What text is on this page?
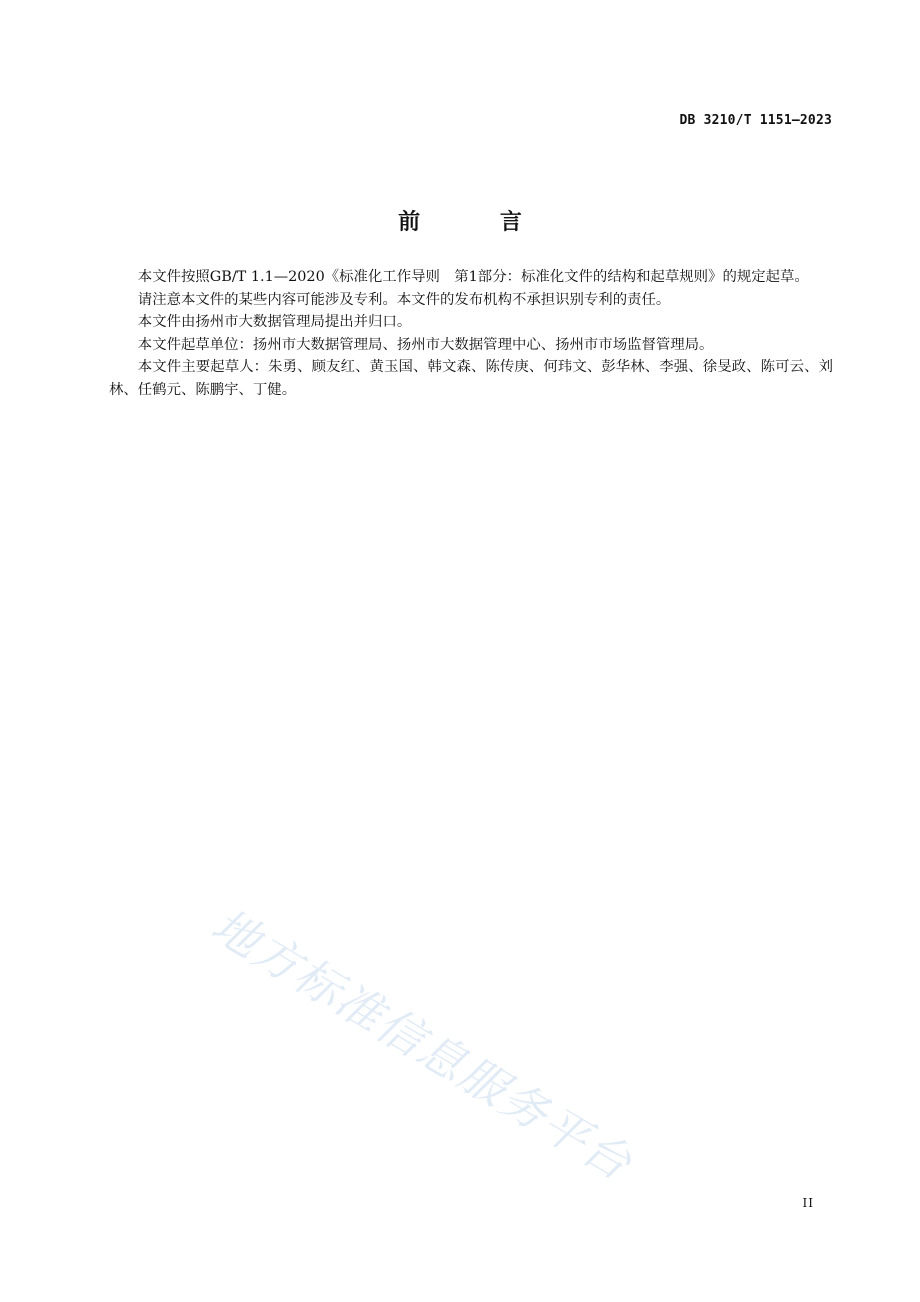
DB 3210/T 1151—2023
前 言

本文件按照GB/T 1.1—2020《标准化工作导则　第1部分：标准化文件的结构和起草规则》的规定起草。

请注意本文件的某些内容可能涉及专利。本文件的发布机构不承担识别专利的责任。

本文件由扬州市大数据管理局提出并归口。

本文件起草单位：扬州市大数据管理局、扬州市大数据管理中心、扬州市市场监督管理局。

本文件主要起草人：朱勇、顾友红、黄玉国、韩文森、陈传庚、何玮文、彭华林、李强、徐旻政、陈可云、刘林、任鹤元、陈鹏宇、丁健。

地方标准信息服务平台
II
